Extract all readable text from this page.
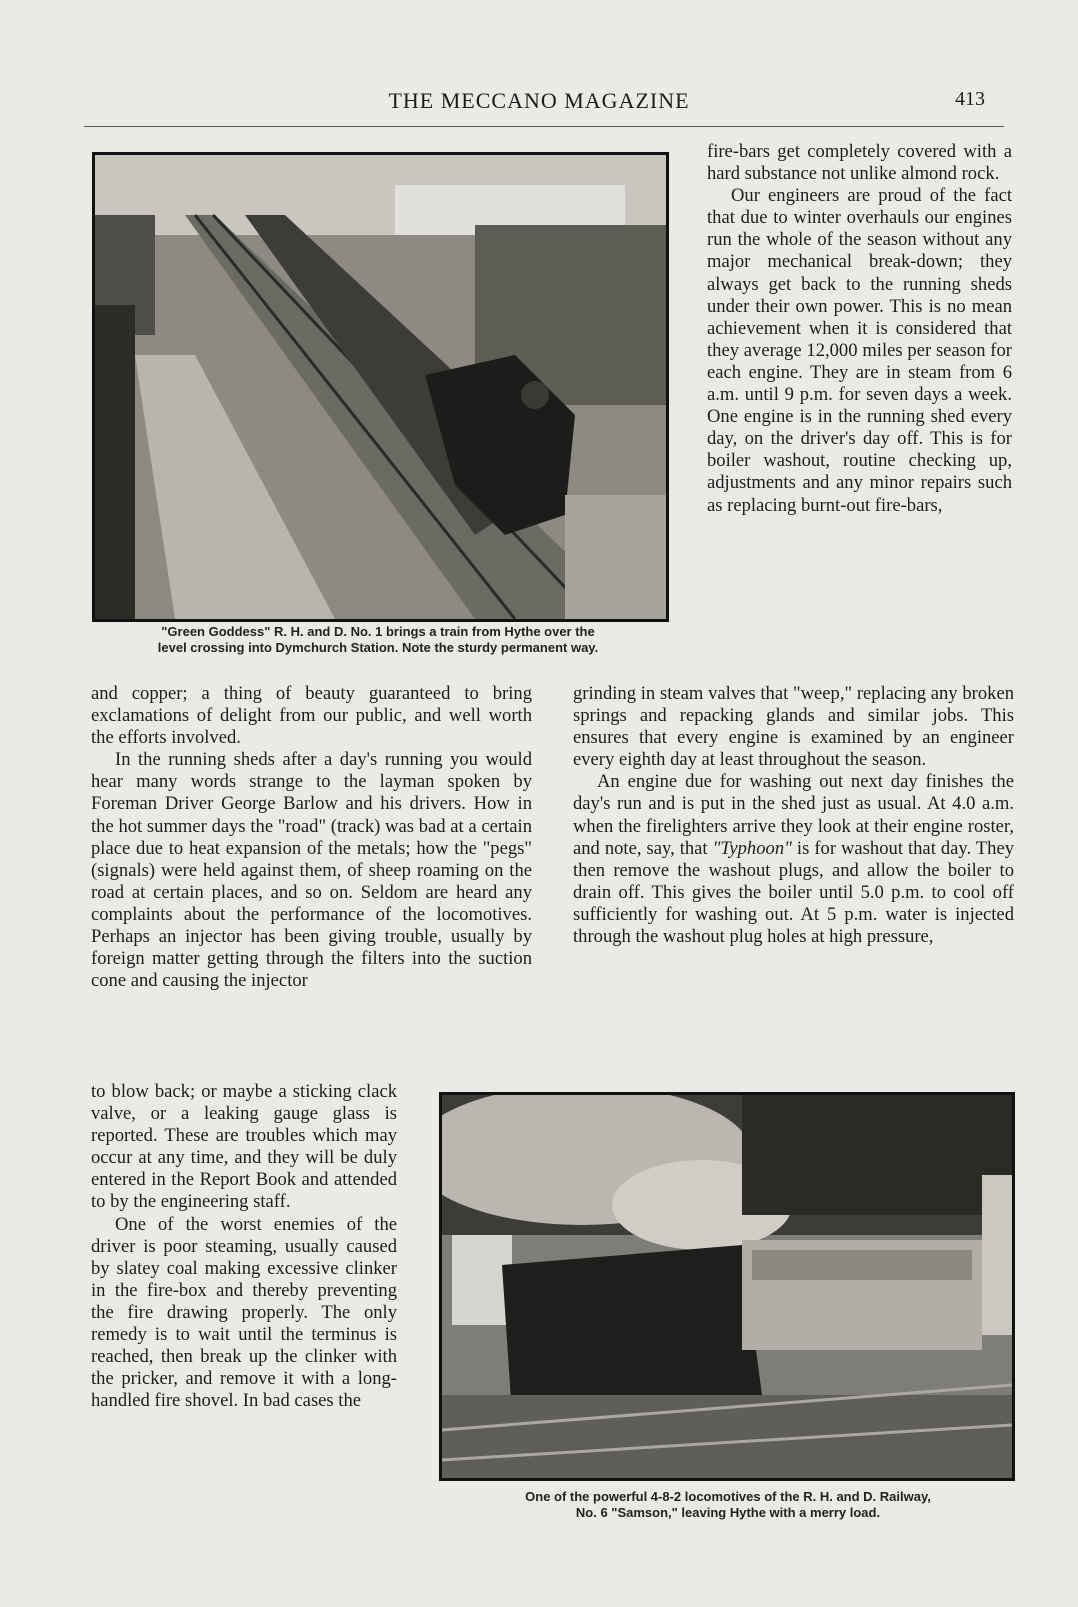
THE MECCANO MAGAZINE	413
"Green Goddess" R. H. and D. No. 1 brings a train from Hythe over the
level crossing into Dymchurch Station. Note the sturdy permanent way.

fire-bars get completely covered with a hard substance not unlike almond rock.

Our engineers are proud of the fact that due to winter overhauls our engines run the whole of the season without any major mechanical break-down; they always get back to the running sheds under their own power. This is no mean achievement when it is considered that they average 12,000 miles per season for each engine. They are in steam from 6 a.m. until 9 p.m. for seven days a week. One engine is in the running shed every day, on the driver's day off. This is for boiler washout, routine checking up, adjustments and any minor repairs such as replacing burnt-out fire-bars,

and copper; a thing of beauty guaranteed to bring exclamations of delight from our public, and well worth the efforts involved.

In the running sheds after a day's running you would hear many words strange to the layman spoken by Foreman Driver George Barlow and his drivers. How in the hot summer days the "road" (track) was bad at a certain place due to heat expansion of the metals; how the "pegs" (signals) were held against them, of sheep roaming on the road at certain places, and so on. Seldom are heard any complaints about the performance of the locomotives. Perhaps an injector has been giving trouble, usually by foreign matter getting through the filters into the suction cone and causing the injector

grinding in steam valves that "weep," replacing any broken springs and repacking glands and similar jobs. This ensures that every engine is examined by an engineer every eighth day at least throughout the season.

An engine due for washing out next day finishes the day's run and is put in the shed just as usual. At 4.0 a.m. when the firelighters arrive they look at their engine roster, and note, say, that "Typhoon" is for washout that day. They then remove the washout plugs, and allow the boiler to drain off. This gives the boiler until 5.0 p.m. to cool off sufficiently for washing out. At 5 p.m. water is injected through the washout plug holes at high pressure,

One of the powerful 4-8-2 locomotives of the R. H. and D. Railway,
No. 6 "Samson," leaving Hythe with a merry load.

to blow back; or maybe a sticking clack valve, or a leaking gauge glass is reported. These are troubles which may occur at any time, and they will be duly entered in the Report Book and attended to by the engineering staff.

One of the worst enemies of the driver is poor steaming, usually caused by slatey coal making excessive clinker in the fire-box and thereby preventing the fire drawing properly. The only remedy is to wait until the terminus is reached, then break up the clinker with the pricker, and remove it with a long-handled fire shovel. In bad cases the
